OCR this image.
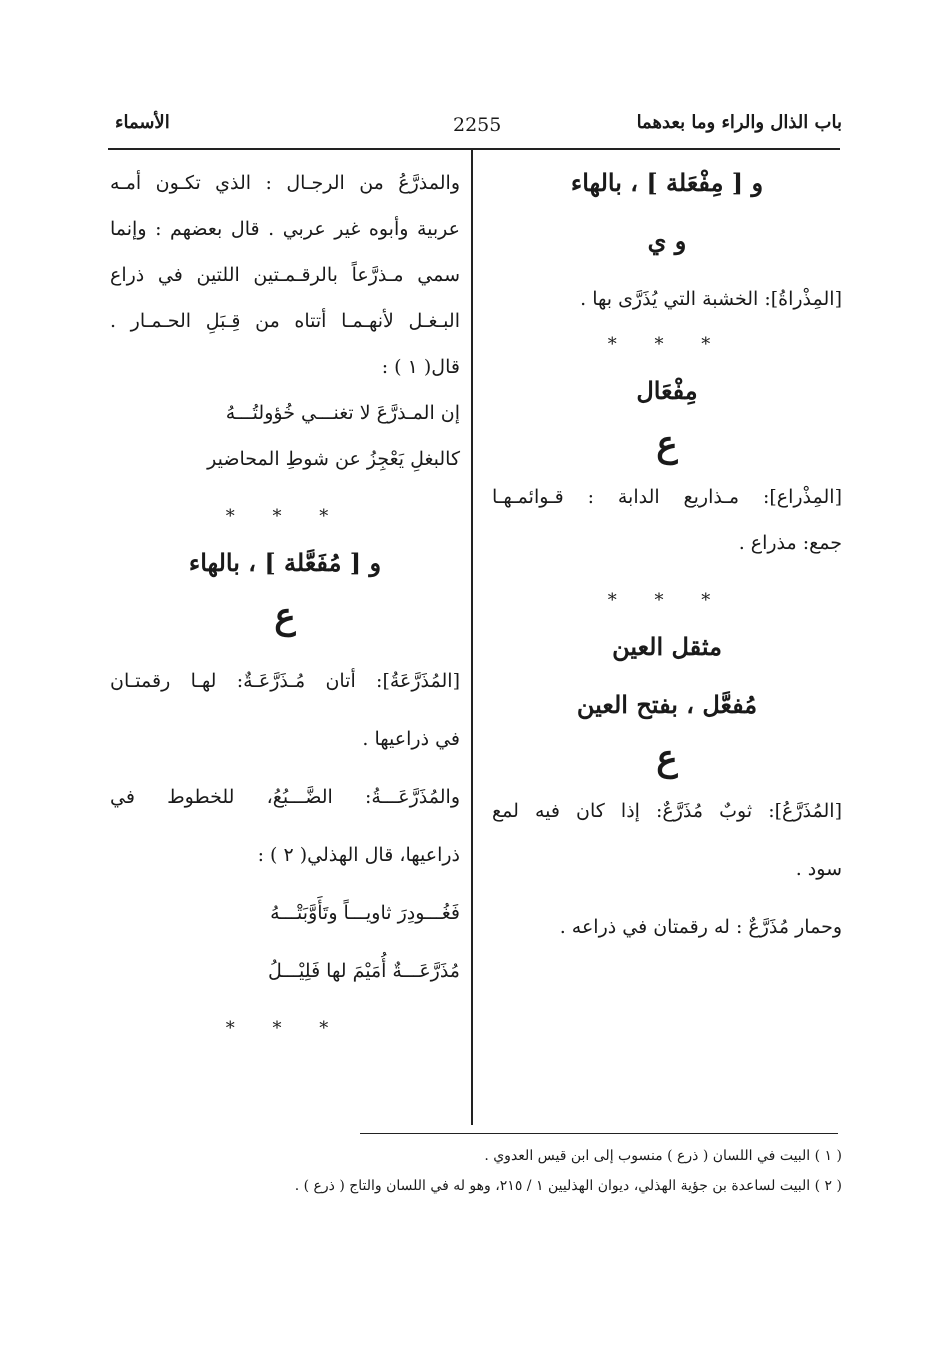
الأسماء	2255	باب الذال والراء وما بعدهما
و [ مِفْعَلة ] ، بالهاء
و ي
[المِذْراةُ]: الخشبة التي يُذَرَّى بها .
* * *
مِفْعَال
ع
[المِذْراع]: مـذاريع الدابة : قـوائمـهـا
جمع: مذراع .
* * *
مثقل العين
مُفعَّل ، بفتح العين
ع
[المُذَرَّعُ]: ثوبٌ مُذَرَّعٌ: إذا كان فيه لمع
سود .
وحمار مُذَرَّعٌ : له رقمتان في ذراعه .
والمذرَّعُ من الرجـال : الذي تكـون أمـه
عربية وأبوه غير عربي . قال بعضهم : وإنما
سمي مـذرَّعاً بالرقـمـتين اللتين في ذراع
البـغـل لأنهـمـا أتتاه من قِـبَلِ الحـمـار .
قال( ١ ) :
إن المـذرَّعَ لا تغنـــي خُؤولتُـــهُ
كالبغلِ يَعْجِزُ عن شوطِ المحاضير
* * *
و [ مُفَعَّلة ] ، بالهاء
ع
[المُذَرَّعَةُ]: أتان مُـذَرَّعَـةٌ: لهـا رقمتـان
في ذراعيها .
والمُذَرَّعَـــةُ: الضَّـــبُعُ، للخطوط في
ذراعيها، قال الهذلي( ٢ ) :
فَغُـــودِرَ ثاويـــاً وتَأَوَّبَتْـــهُ
مُذَرَّعَـــةٌ أُمَيْمَ لها فَلِيْـــلُ
* * *
( ١ ) البيت في اللسان ( ذرع ) منسوب إلى ابن قيس العدوي .
( ٢ ) البيت لساعدة بن جؤية الهذلي، ديوان الهذليين ١ / ٢١٥، وهو له في اللسان والتاج ( ذرع ) .
